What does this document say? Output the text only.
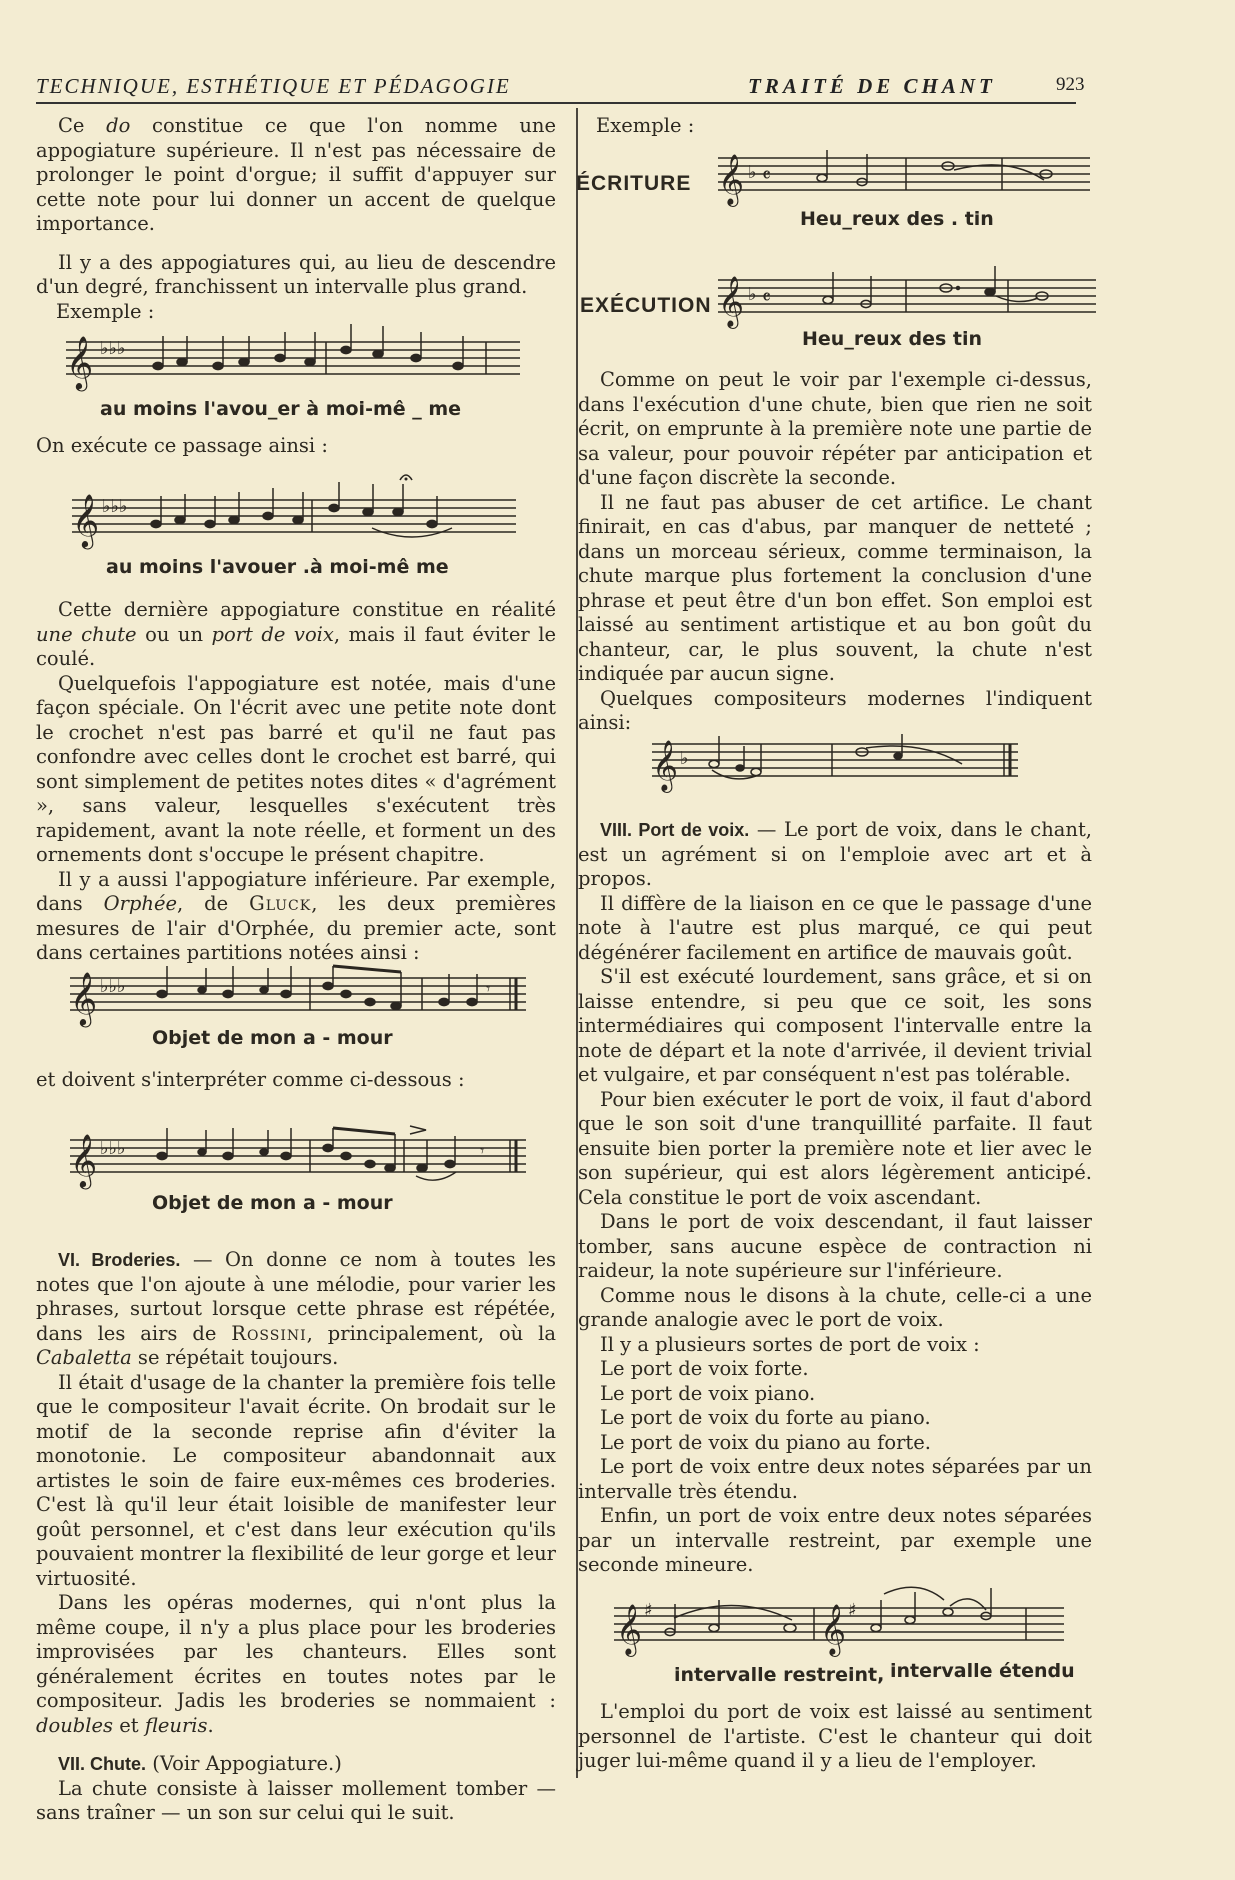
TECHNIQUE, ESTHÉTIQUE ET PÉDAGOGIE	TRAITÉ DE CHANT	923

Ce do constitue ce que l'on nomme une appogiature supérieure. Il n'est pas nécessaire de prolonger le point d'orgue; il suffit d'appuyer sur cette note pour lui donner un accent de quelque importance.

Il y a des appogiatures qui, au lieu de descendre d'un degré, franchissent un intervalle plus grand.

Exemple :

𝄞 ♭♭♭
au moins l'avou_er à moi-mê _ me

On exécute ce passage ainsi :

𝄞 ♭♭♭
au moins l'avouer .à moi-mê me

Cette dernière appogiature constitue en réalité une chute ou un port de voix, mais il faut éviter le coulé.

Quelquefois l'appogiature est notée, mais d'une façon spéciale. On l'écrit avec une petite note dont le crochet n'est pas barré et qu'il ne faut pas confondre avec celles dont le crochet est barré, qui sont simplement de petites notes dites « d'agrément », sans valeur, lesquelles s'exécutent très rapidement, avant la note réelle, et forment un des ornements dont s'occupe le présent chapitre.

Il y a aussi l'appogiature inférieure. Par exemple, dans Orphée, de Gluck, les deux premières mesures de l'air d'Orphée, du premier acte, sont dans certaines partitions notées ainsi :

𝄞 ♭♭♭	𝄾
Objet de mon a - mour

et doivent s'interpréter comme ci-dessous :

𝄞 ♭♭♭	𝄾
Objet de mon a - mour

VI. Broderies. — On donne ce nom à toutes les notes que l'on ajoute à une mélodie, pour varier les phrases, surtout lorsque cette phrase est répétée, dans les airs de Rossini, principalement, où la Cabaletta se répétait toujours.

Il était d'usage de la chanter la première fois telle que le compositeur l'avait écrite. On brodait sur le motif de la seconde reprise afin d'éviter la monotonie. Le compositeur abandonnait aux artistes le soin de faire eux-mêmes ces broderies. C'est là qu'il leur était loisible de manifester leur goût personnel, et c'est dans leur exécution qu'ils pouvaient montrer la flexibilité de leur gorge et leur virtuosité.

Dans les opéras modernes, qui n'ont plus la même coupe, il n'y a plus place pour les broderies improvisées par les chanteurs. Elles sont généralement écrites en toutes notes par le compositeur. Jadis les broderies se nommaient : doubles et fleuris.

VII. Chute. (Voir Appogiature.)

La chute consiste à laisser mollement tomber — sans traîner — un son sur celui qui le suit.

Exemple :

ÉCRITURE 𝄞 ♭ 𝄴
Heu_reux des . tin
EXÉCUTION 𝄞 ♭ 𝄴
Heu_reux des tin

Comme on peut le voir par l'exemple ci-dessus, dans l'exécution d'une chute, bien que rien ne soit écrit, on emprunte à la première note une partie de sa valeur, pour pouvoir répéter par anticipation et d'une façon discrète la seconde.

Il ne faut pas abuser de cet artifice. Le chant finirait, en cas d'abus, par manquer de netteté ; dans un morceau sérieux, comme terminaison, la chute marque plus fortement la conclusion d'une phrase et peut être d'un bon effet. Son emploi est laissé au sentiment artistique et au bon goût du chanteur, car, le plus souvent, la chute n'est indiquée par aucun signe.

Quelques compositeurs modernes l'indiquent ainsi:

𝄞 ♭

VIII. Port de voix. — Le port de voix, dans le chant, est un agrément si on l'emploie avec art et à propos.

Il diffère de la liaison en ce que le passage d'une note à l'autre est plus marqué, ce qui peut dégénérer facilement en artifice de mauvais goût.

S'il est exécuté lourdement, sans grâce, et si on laisse entendre, si peu que ce soit, les sons intermédiaires qui composent l'intervalle entre la note de départ et la note d'arrivée, il devient trivial et vulgaire, et par conséquent n'est pas tolérable.

Pour bien exécuter le port de voix, il faut d'abord que le son soit d'une tranquillité parfaite. Il faut ensuite bien porter la première note et lier avec le son supérieur, qui est alors légèrement anticipé. Cela constitue le port de voix ascendant.

Dans le port de voix descendant, il faut laisser tomber, sans aucune espèce de contraction ni raideur, la note supérieure sur l'inférieure.

Comme nous le disons à la chute, celle-ci a une grande analogie avec le port de voix.

Il y a plusieurs sortes de port de voix :

Le port de voix forte.

Le port de voix piano.

Le port de voix du forte au piano.

Le port de voix du piano au forte.

Le port de voix entre deux notes séparées par un intervalle très étendu.

Enfin, un port de voix entre deux notes séparées par un intervalle restreint, par exemple une seconde mineure.

𝄞 ♯	𝄞 ♯
intervalle restreint, intervalle étendu

L'emploi du port de voix est laissé au sentiment personnel de l'artiste. C'est le chanteur qui doit juger lui-même quand il y a lieu de l'employer.
